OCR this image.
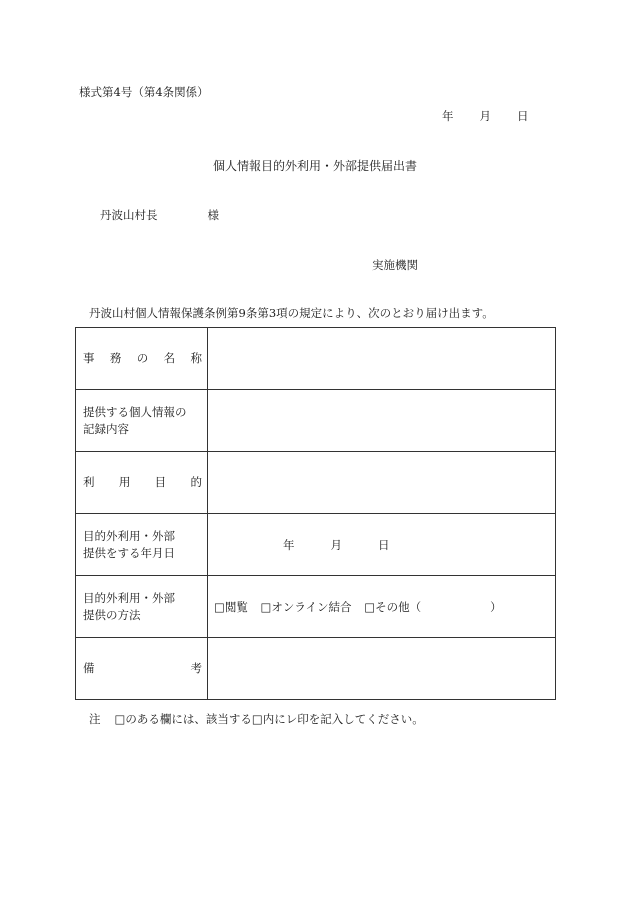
様式第4号（第4条関係）
年 月 日
個人情報目的外利用・外部提供届出書
丹波山村長	様
実施機関
丹波山村個人情報保護条例第9条第3項の規定により、次のとおり届け出ます。
事 務 の 名 称	

提供する個人情報の
記録内容	

利 用 目 的	

目的外利用・外部
提供をする年月日	年 月 日

目的外利用・外部
提供の方法	□閲覧 □オンライン結合 □その他（　　　　　　）

備 考	

注 □のある欄には、該当する□内にレ印を記入してください。
